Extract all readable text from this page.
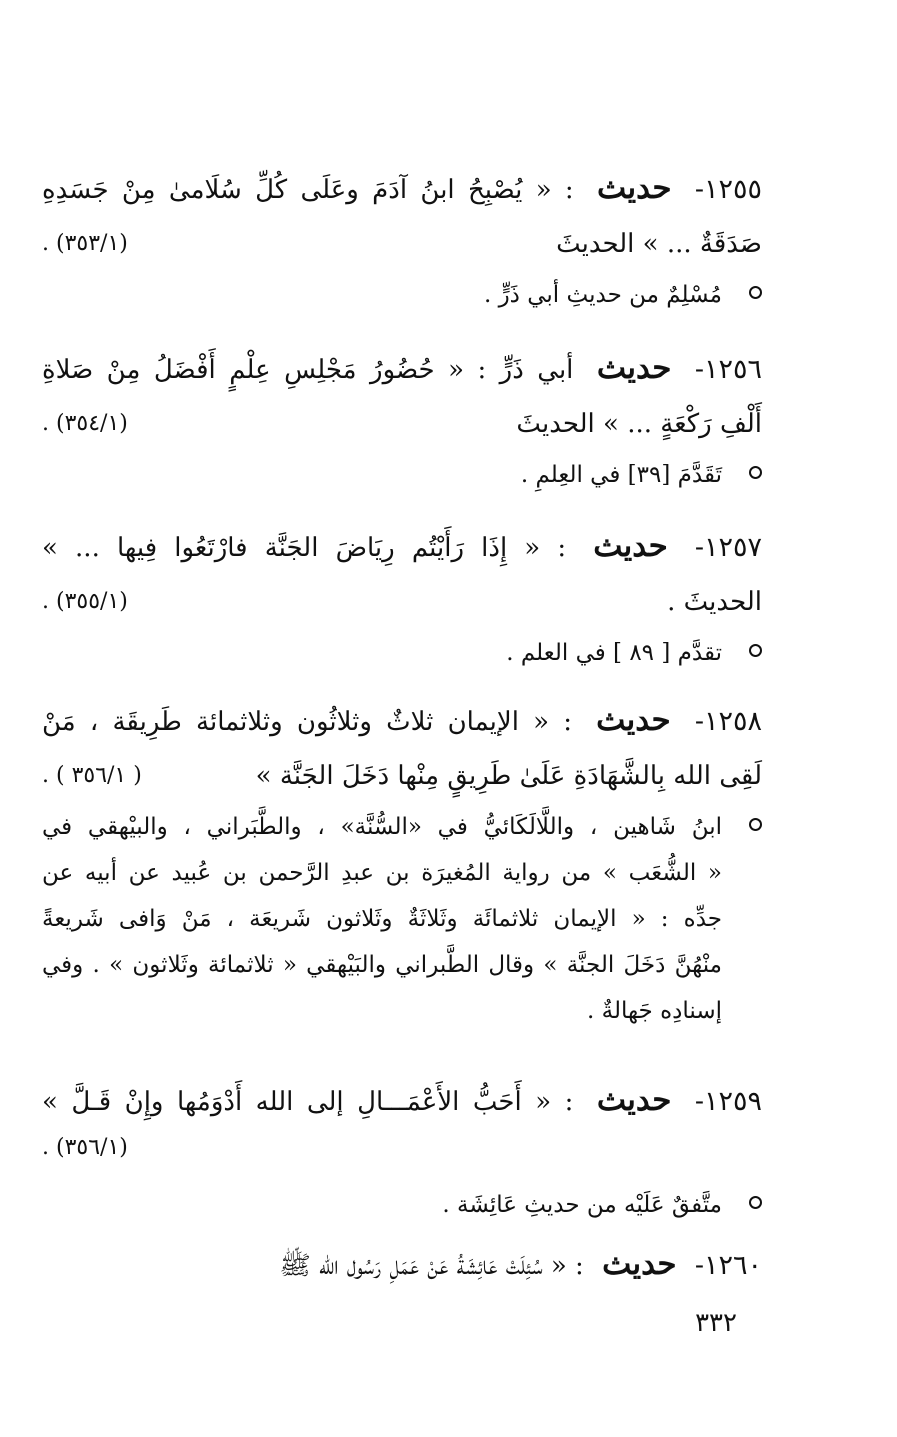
١٢٥٥- حديث : « يُصْبِحُ ابنُ آدَمَ وعَلَى كُلِّ سُلَامىٰ مِنْ جَسَدِهِ
صَدَقَةٌ ... » الحديثَ
(٣٥٣/١) .
مُسْلِمٌ من حديثِ أبي ذَرٍّ .
١٢٥٦- حديث أبي ذَرٍّ : « حُضُورُ مَجْلِسِ عِلْمٍ أَفْضَلُ مِنْ صَلاةِ
أَلْفِ رَكْعَةٍ ... » الحديثَ
(٣٥٤/١) .
تَقَدَّمَ [٣٩] في العِلمِ .
١٢٥٧- حديث : « إِذَا رَأَيْتُم رِيَاضَ الجَنَّة فارْتَعُوا فِيها ... »
الحديثَ .
(٣٥٥/١) .
تقدَّم [ ٨٩ ] في العلم .
١٢٥٨- حديث : « الإيمان ثلاثٌ وثلاثُون وثلاثمائة طَرِيقَة ، مَنْ
لَقِى الله بِالشَّهَادَةِ عَلَىٰ طَرِيقٍ مِنْها دَخَلَ الجَنَّة »
( ٣٥٦/١ ) .
ابنُ شَاهين ، واللَّالَكَائيُّ في «السُّنَّة» ، والطَّبَراني ، والبيْهقي في
« الشُّعَب » من رواية المُغيرَة بن عبدِ الرَّحمن بن عُبيد عن أبيه عن
جدِّه : « الإيمان ثلاثمائَة وثَلاثَةٌ وثَلاثون شَريعَة ، مَنْ وَافى شَريعةً
منْهُنَّ دَخَلَ الجنَّة » وقال الطَّبراني والبَيْهقي « ثلاثمائة وثَلاثون » . وفي
إسنادِه جَهالةٌ .
١٢٥٩- حديث : « أَحَبُّ الأَعْمَـــالِ إلى الله أَدْوَمُها وإِنْ قَـلَّ »
(٣٥٦/١) .
متَّفقٌ عَلَيْه من حديثِ عَائِشَة .
١٢٦٠- حديث : « سُئِلَتْ عَائِشَةُ عَنْ عَمَلِ رَسُول الله ﷺ
٣٣٢
